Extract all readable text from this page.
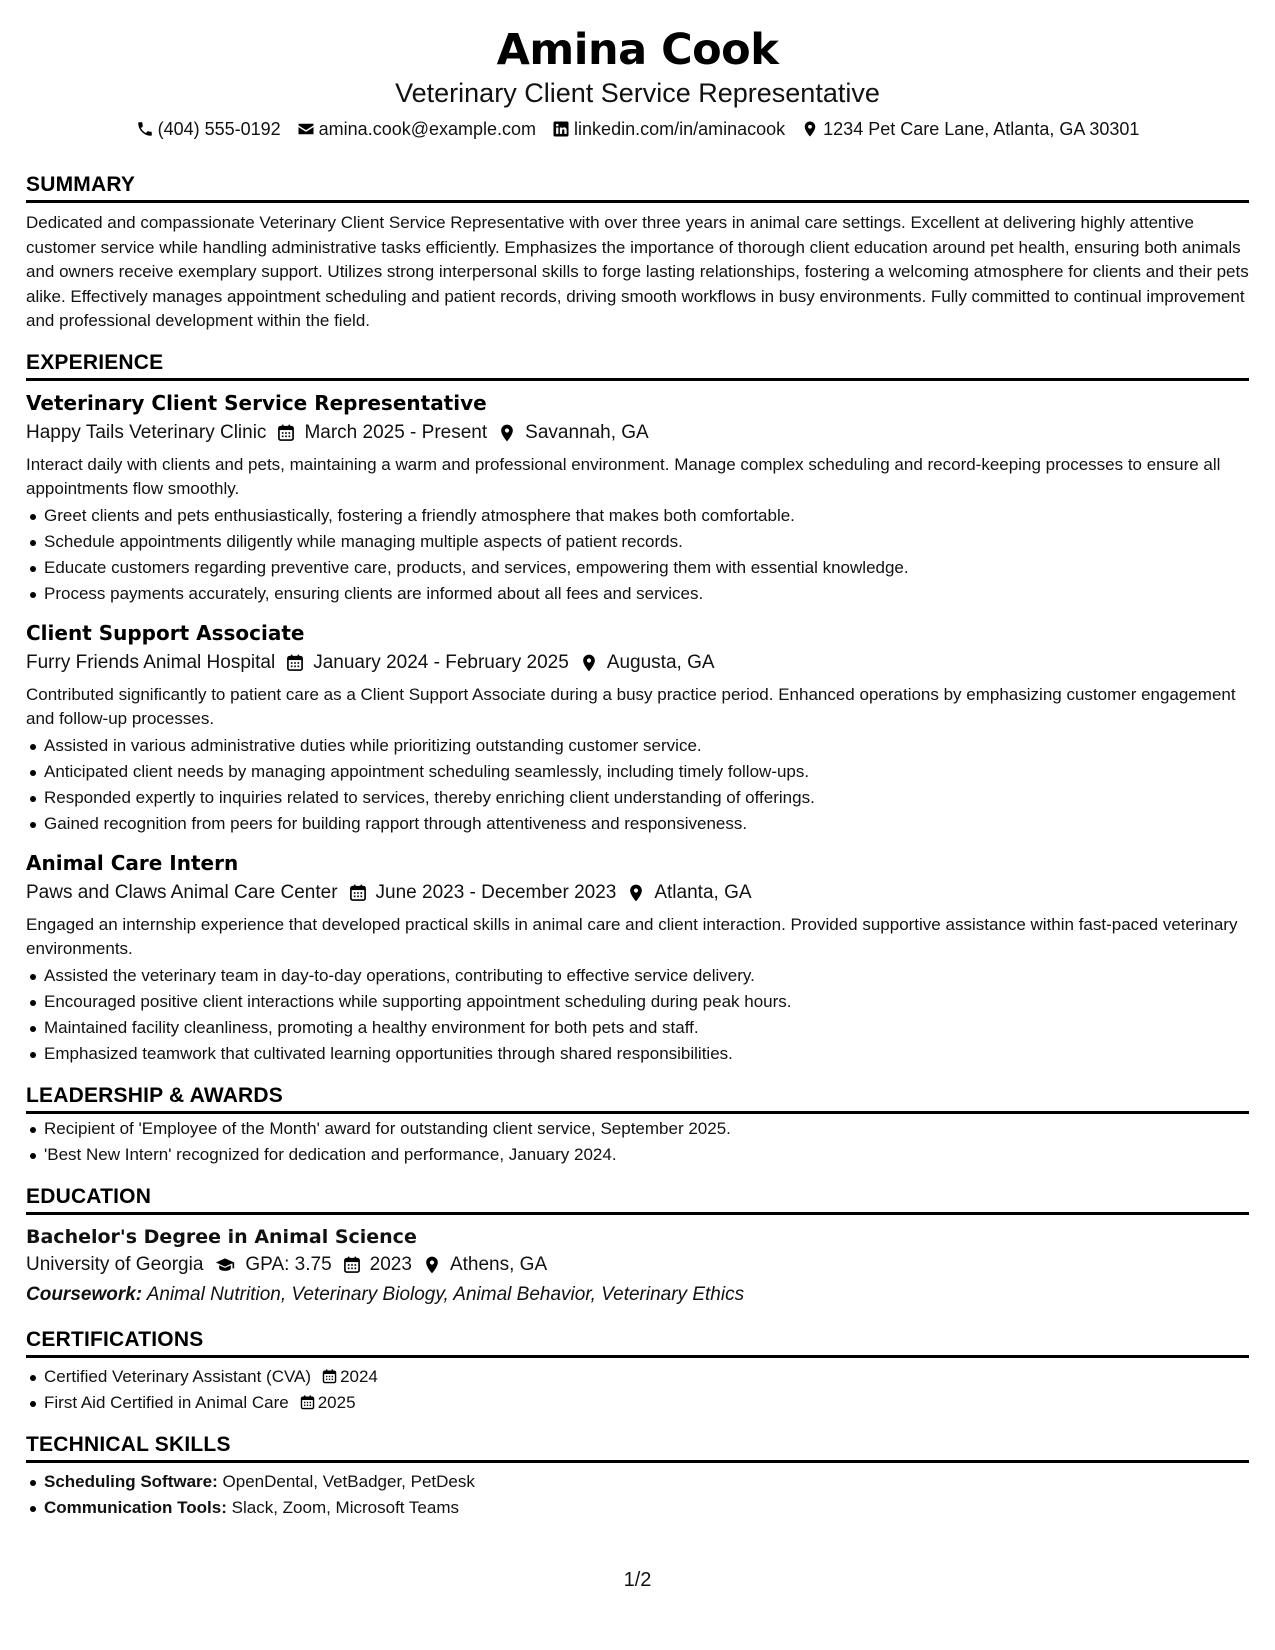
Amina Cook
Veterinary Client Service Representative
(404) 555-0192 amina.cook@example.com linkedin.com/in/aminacook 1234 Pet Care Lane, Atlanta, GA 30301
SUMMARY
Dedicated and compassionate Veterinary Client Service Representative with over three years in animal care settings. Excellent at delivering highly attentive customer service while handling administrative tasks efficiently. Emphasizes the importance of thorough client education around pet health, ensuring both animals and owners receive exemplary support. Utilizes strong interpersonal skills to forge lasting relationships, fostering a welcoming atmosphere for clients and their pets alike. Effectively manages appointment scheduling and patient records, driving smooth workflows in busy environments. Fully committed to continual improvement and professional development within the field.
EXPERIENCE
Veterinary Client Service Representative
Happy Tails Veterinary Clinic March 2025 - Present Savannah, GA
Interact daily with clients and pets, maintaining a warm and professional environment. Manage complex scheduling and record-keeping processes to ensure all appointments flow smoothly.
Greet clients and pets enthusiastically, fostering a friendly atmosphere that makes both comfortable.
Schedule appointments diligently while managing multiple aspects of patient records.
Educate customers regarding preventive care, products, and services, empowering them with essential knowledge.
Process payments accurately, ensuring clients are informed about all fees and services.
Client Support Associate
Furry Friends Animal Hospital January 2024 - February 2025 Augusta, GA
Contributed significantly to patient care as a Client Support Associate during a busy practice period. Enhanced operations by emphasizing customer engagement and follow-up processes.
Assisted in various administrative duties while prioritizing outstanding customer service.
Anticipated client needs by managing appointment scheduling seamlessly, including timely follow-ups.
Responded expertly to inquiries related to services, thereby enriching client understanding of offerings.
Gained recognition from peers for building rapport through attentiveness and responsiveness.
Animal Care Intern
Paws and Claws Animal Care Center June 2023 - December 2023 Atlanta, GA
Engaged an internship experience that developed practical skills in animal care and client interaction. Provided supportive assistance within fast-paced veterinary environments.
Assisted the veterinary team in day-to-day operations, contributing to effective service delivery.
Encouraged positive client interactions while supporting appointment scheduling during peak hours.
Maintained facility cleanliness, promoting a healthy environment for both pets and staff.
Emphasized teamwork that cultivated learning opportunities through shared responsibilities.
LEADERSHIP & AWARDS
Recipient of 'Employee of the Month' award for outstanding client service, September 2025.
'Best New Intern' recognized for dedication and performance, January 2024.
EDUCATION
Bachelor's Degree in Animal Science
University of Georgia GPA: 3.75 2023 Athens, GA
Coursework: Animal Nutrition, Veterinary Biology, Animal Behavior, Veterinary Ethics
CERTIFICATIONS
Certified Veterinary Assistant (CVA) 2024
First Aid Certified in Animal Care 2025
TECHNICAL SKILLS
Scheduling Software: OpenDental, VetBadger, PetDesk
Communication Tools: Slack, Zoom, Microsoft Teams
1/2
